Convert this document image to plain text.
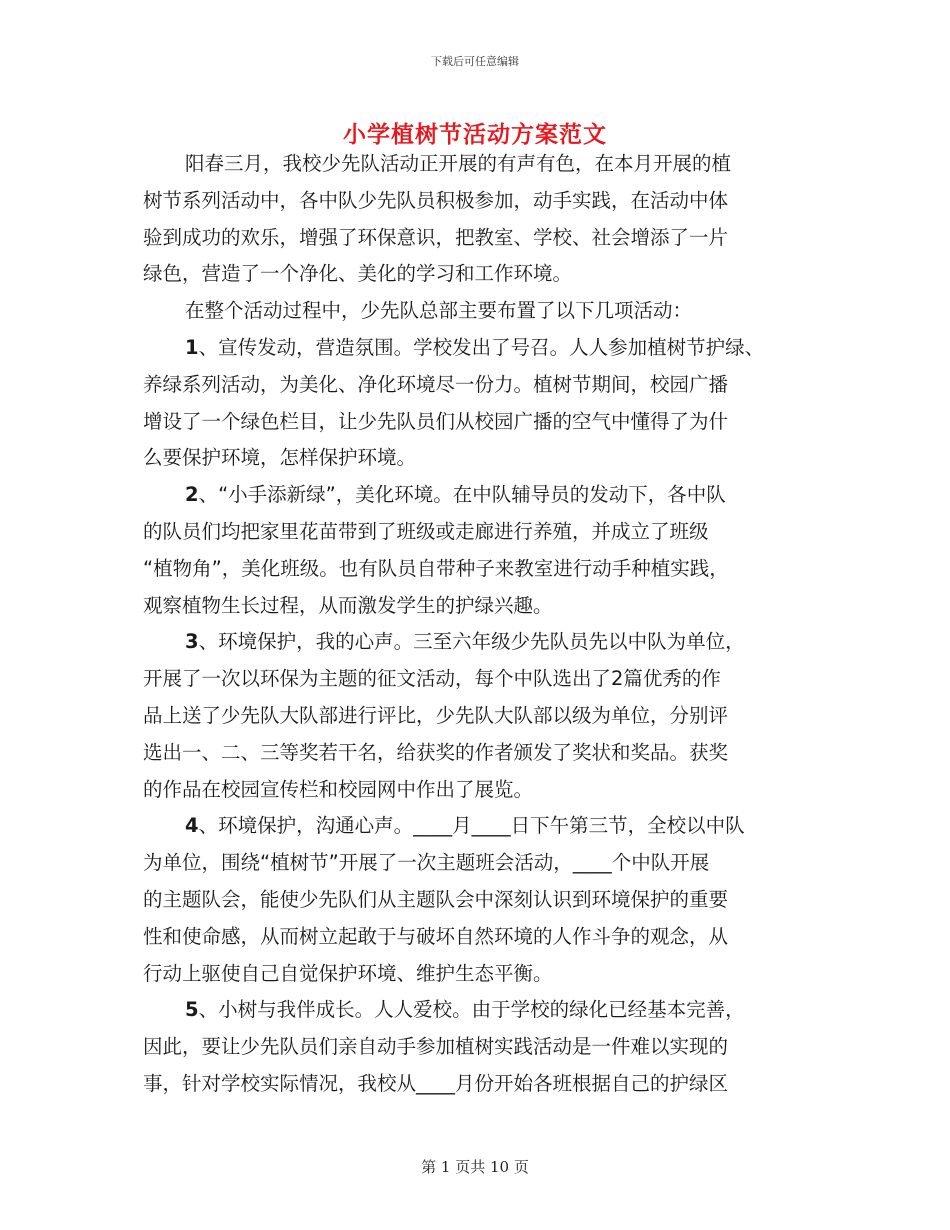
下载后可任意编辑
小学植树节活动方案范文
阳春三月，我校少先队活动正开展的有声有色，在本月开展的植
树节系列活动中，各中队少先队员积极参加，动手实践，在活动中体
验到成功的欢乐，增强了环保意识，把教室、学校、社会增添了一片
绿色，营造了一个净化、美化的学习和工作环境。
在整个活动过程中，少先队总部主要布置了以下几项活动：
1、宣传发动，营造氛围。学校发出了号召。人人参加植树节护绿、
养绿系列活动，为美化、净化环境尽一份力。植树节期间，校园广播
增设了一个绿色栏目，让少先队员们从校园广播的空气中懂得了为什
么要保护环境，怎样保护环境。
2、“小手添新绿”，美化环境。在中队辅导员的发动下，各中队
的队员们均把家里花苗带到了班级或走廊进行养殖，并成立了班级
“植物角”，美化班级。也有队员自带种子来教室进行动手种植实践，
观察植物生长过程，从而激发学生的护绿兴趣。
3、环境保护，我的心声。三至六年级少先队员先以中队为单位，
开展了一次以环保为主题的征文活动，每个中队选出了2篇优秀的作
品上送了少先队大队部进行评比，少先队大队部以级为单位，分别评
选出一、二、三等奖若干名，给获奖的作者颁发了奖状和奖品。获奖
的作品在校园宣传栏和校园网中作出了展览。
4、环境保护，沟通心声。____月____日下午第三节，全校以中队
为单位，围绕“植树节”开展了一次主题班会活动，____个中队开展
的主题队会，能使少先队们从主题队会中深刻认识到环境保护的重要
性和使命感，从而树立起敢于与破坏自然环境的人作斗争的观念，从
行动上驱使自己自觉保护环境、维护生态平衡。
5、小树与我伴成长。人人爱校。由于学校的绿化已经基本完善，
因此，要让少先队员们亲自动手参加植树实践活动是一件难以实现的
事，针对学校实际情况，我校从____月份开始各班根据自己的护绿区
第 1 页共 10 页
